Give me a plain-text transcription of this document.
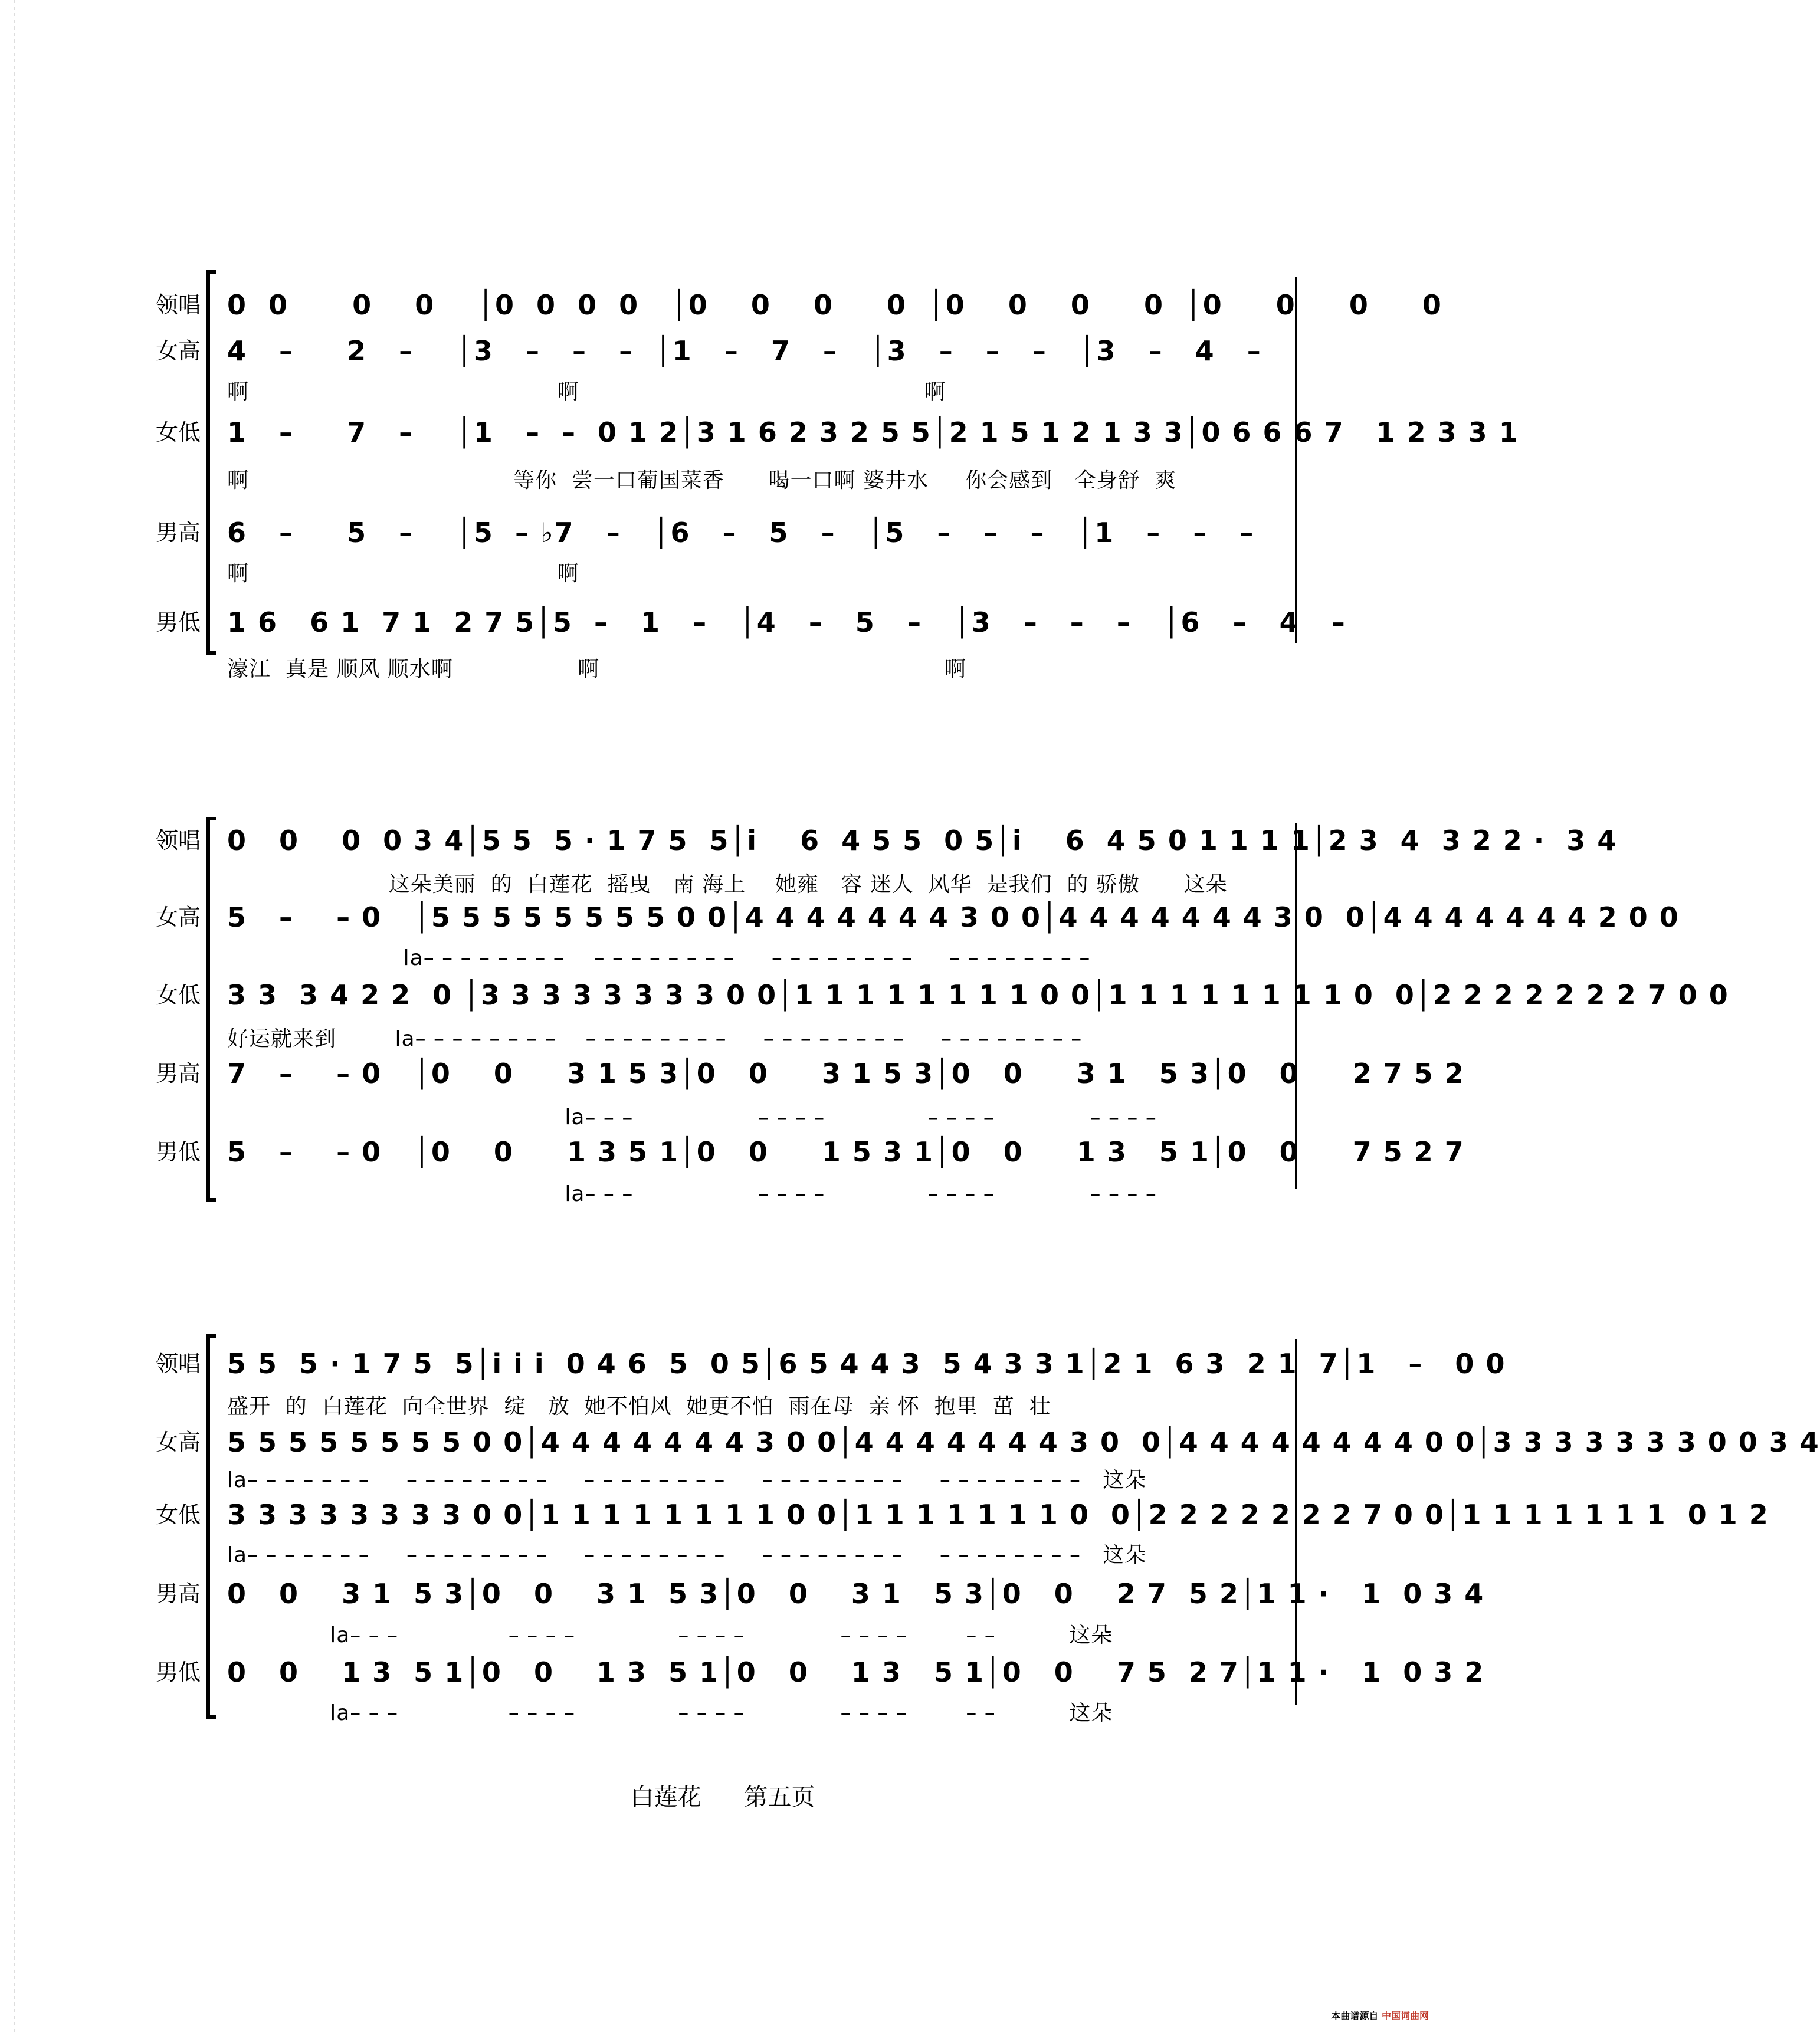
领唱 0  0      0    0    │0  0  0  0   │0    0    0     0  │0    0    0     0  │0     0     0     0
女高 4   –     2   –    │3   –   –   –  │1   –   7   –   │3   –   –   –   │3   –   4   –
啊                                          啊                                               啊
女低 1   –     7   –    │1   –  –  0 1 2│3 1 6 2 3 2 5 5│2 1 5 1 2 1 3 3│0 6 6 6 7   1 2 3 3 1
啊                                    等你  尝一口葡国菜香      喝一口啊 婆井水     你会感到   全身舒  爽
男高 6   –     5   –    │5  – ♭7   –   │6   –   5   –   │5   –   –   –   │1   –   –   –
啊                                          啊
男低 1 6   6 1  7 1  2 7 5│5  –   1   –   │4   –   5   –   │3   –   –   –   │6   –   4   –
濠江  真是 顺风 顺水啊                 啊                                               啊
领唱 0   0    0  0 3 4│5 5  5 · 1 7 5  5│i    6  4 5 5  0 5│i    6  4 5 0 1 1 1 1│2 3  4  3 2 2 ·  3 4
这朵美丽  的  白莲花  摇曳   南 海上    她雍   容 迷人  风华  是我们  的 骄傲      这朵
女高 5   –    – 0   │5 5 5 5 5 5 5 5 0 0│4 4 4 4 4 4 4 3 0 0│4 4 4 4 4 4 4 3 0  0│4 4 4 4 4 4 4 2 0 0
la– – – – – – – –    – – – – – – – –     – – – – – – – –     – – – – – – – –
女低 3 3  3 4 2 2  0 │3 3 3 3 3 3 3 3 0 0│1 1 1 1 1 1 1 1 0 0│1 1 1 1 1 1 1 1 0  0│2 2 2 2 2 2 2 7 0 0
好运就来到        la– – – – – – – –    – – – – – – – –     – – – – – – – –     – – – – – – – –
男高 7   –    – 0   │0    0     3 1 5 3│0   0     3 1 5 3│0   0     3 1   5 3│0   0     2 7 5 2
la– – –                 – – – –              – – – –             – – – –
男低 5   –    – 0   │0    0     1 3 5 1│0   0     1 5 3 1│0   0     1 3   5 1│0   0     7 5 2 7
la– – –                 – – – –              – – – –             – – – –
领唱 5 5  5 · 1 7 5  5│i i i  0 4 6  5  0 5│6 5 4 4 3  5 4 3 3 1│2 1  6 3  2 1  7│1   –   0 0
盛开  的  白莲花  向全世界  绽   放  她不怕风  她更不怕  雨在母  亲 怀  抱里  茁  壮
女高 5 5 5 5 5 5 5 5 0 0│4 4 4 4 4 4 4 3 0 0│4 4 4 4 4 4 4 3 0  0│4 4 4 4 4 4 4 4 0 0│3 3 3 3 3 3 3 0 0 3 4
la– – – – – – –     – – – – – – – –     – – – – – – – –     – – – – – – – –     – – – – – – – –   这朵
女低 3 3 3 3 3 3 3 3 0 0│1 1 1 1 1 1 1 1 0 0│1 1 1 1 1 1 1 0  0│2 2 2 2 2 2 2 7 0 0│1 1 1 1 1 1 1  0 1 2
la– – – – – – –     – – – – – – – –     – – – – – – – –     – – – – – – – –     – – – – – – – –   这朵
男高 0   0    3 1  5 3│0   0    3 1  5 3│0   0    3 1   5 3│0   0    2 7  5 2│1 1 ·   1  0 3 4
la– – –               – – – –              – – – –             – – – –        – –          这朵
男低 0   0    1 3  5 1│0   0    1 3  5 1│0   0    1 3   5 1│0   0    7 5  2 7│1 1 ·   1  0 3 2
la– – –               – – – –              – – – –             – – – –        – –          这朵
白莲花 第五页
本曲谱源自 中国词曲网
